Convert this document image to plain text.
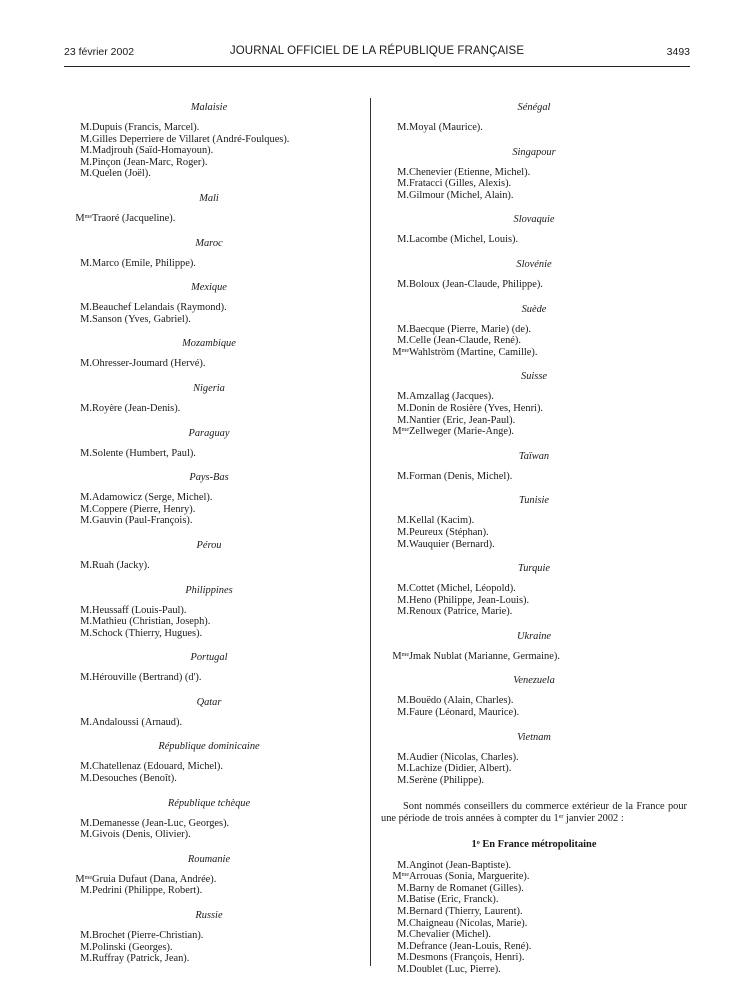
23 février 2002	JOURNAL OFFICIEL DE LA RÉPUBLIQUE FRANÇAISE	3493
Malaisie
M. Dupuis (Francis, Marcel).
M. Gilles Deperriere de Villaret (André-Foulques).
M. Madjrouh (Saïd-Homayoun).
M. Pinçon (Jean-Marc, Roger).
M. Quelen (Joël).
Mali
$M^{me}$ Traoré (Jacqueline).
Maroc
M. Marco (Emile, Philippe).
Mexique
M. Beauchef Lelandais (Raymond).
M. Sanson (Yves, Gabriel).
Mozambique
M. Ohresser-Joumard (Hervé).
Nigeria
M. Royère (Jean-Denis).
Paraguay
M. Solente (Humbert, Paul).
Pays-Bas
M. Adamowicz (Serge, Michel).
M. Coppere (Pierre, Henry).
M. Gauvin (Paul-François).
Pérou
M. Ruah (Jacky).
Philippines
M. Heussaff (Louis-Paul).
M. Mathieu (Christian, Joseph).
M. Schock (Thierry, Hugues).
Portugal
M. Hérouville (Bertrand) (d').
Qatar
M. Andaloussi (Arnaud).
République dominicaine
M. Chatellenaz (Edouard, Michel).
M. Desouches (Benoît).
République tchèque
M. Demanesse (Jean-Luc, Georges).
M. Givois (Denis, Olivier).
Roumanie
$M^{me}$ Gruia Dufaut (Dana, Andrée).
M. Pedrini (Philippe, Robert).
Russie
M. Brochet (Pierre-Christian).
M. Polinski (Georges).
M. Ruffray (Patrick, Jean).
Sénégal
M. Moyal (Maurice).
Singapour
M. Chenevier (Etienne, Michel).
M. Fratacci (Gilles, Alexis).
M. Gilmour (Michel, Alain).
Slovaquie
M. Lacombe (Michel, Louis).
Slovénie
M. Boloux (Jean-Claude, Philippe).
Suède
M. Baecque (Pierre, Marie) (de).
M. Celle (Jean-Claude, René).
$M^{me}$ Wahlström (Martine, Camille).
Suisse
M. Amzallag (Jacques).
M. Donin de Rosière (Yves, Henri).
M. Nantier (Eric, Jean-Paul).
$M^{me}$ Zellweger (Marie-Ange).
Taïwan
M. Forman (Denis, Michel).
Tunisie
M. Kellal (Kacim).
M. Peureux (Stéphan).
M. Wauquier (Bernard).
Turquie
M. Cottet (Michel, Léopold).
M. Heno (Philippe, Jean-Louis).
M. Renoux (Patrice, Marie).
Ukraine
$M^{me}$ Jmak Nublat (Marianne, Germaine).
Venezuela
M. Bouëdo (Alain, Charles).
M. Faure (Léonard, Maurice).
Vietnam
M. Audier (Nicolas, Charles).
M. Lachize (Didier, Albert).
M. Serène (Philippe).
Sont nommés conseillers du commerce extérieur de la France pour une période de trois années à compter du 1er janvier 2002 :
1$^o$ En France métropolitaine
M. Anginot (Jean-Baptiste).
$M^{me}$ Arrouas (Sonia, Marguerite).
M. Barny de Romanet (Gilles).
M. Batise (Eric, Franck).
M. Bernard (Thierry, Laurent).
M. Chaigneau (Nicolas, Marie).
M. Chevalier (Michel).
M. Defrance (Jean-Louis, René).
M. Desmons (François, Henri).
M. Doublet (Luc, Pierre).
